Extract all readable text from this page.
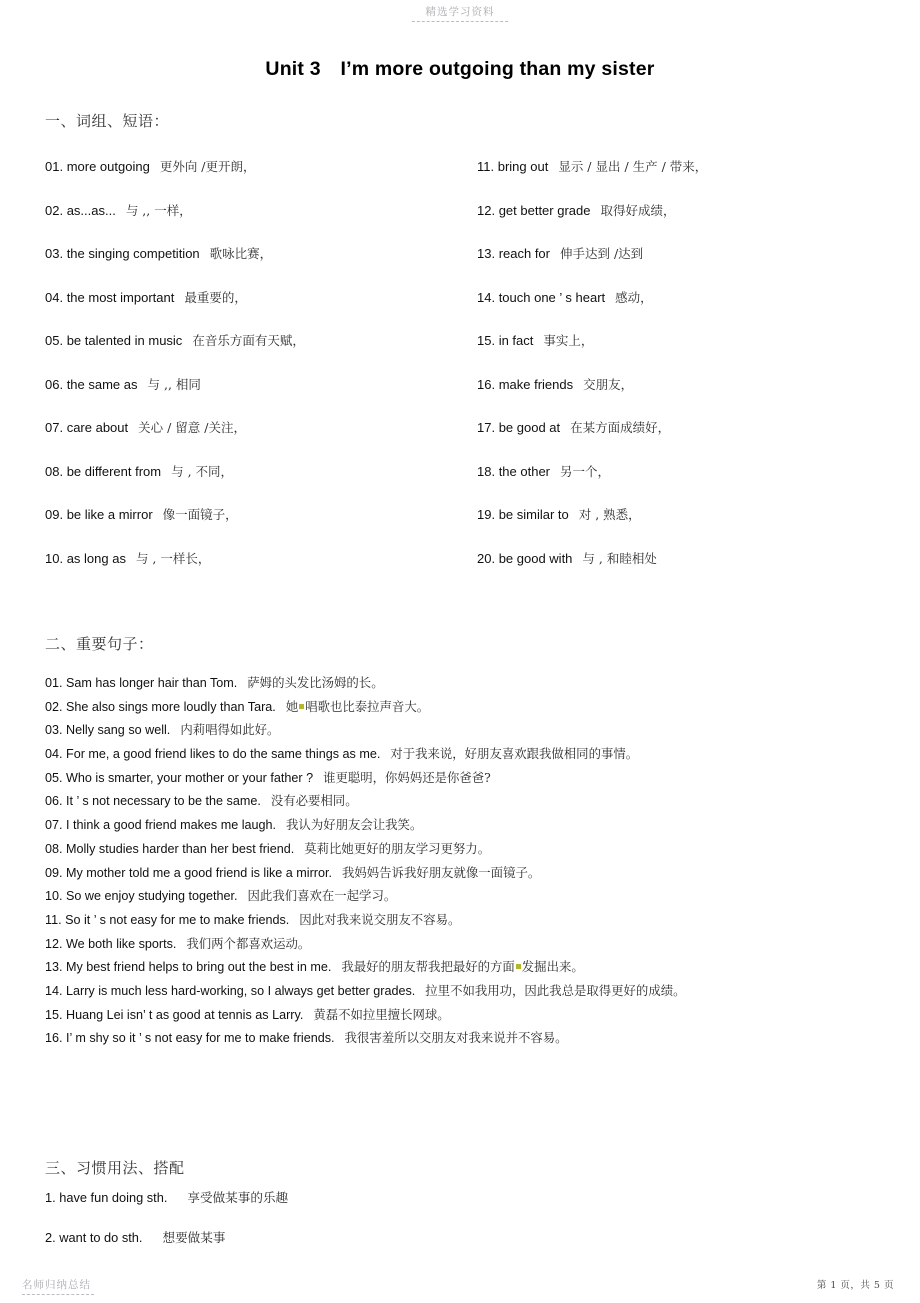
精选学习资料
Unit 3 I’m more outgoing than my sister
一、词组、短语：
01. more outgoing 更外向 /更开朗，
02. as...as... 与 ,, 一样，
03. the singing competition 歌咏比赛，
04. the most important 最重要的，
05. be talented in music 在音乐方面有天赋，
06. the same as 与 ,, 相同
07. care about 关心 / 留意 /关注，
08. be different from 与 , 不同，
09. be like a mirror 像一面镜子，
10. as long as 与 , 一样长，
11. bring out 显示 / 显出 / 生产 / 带来，
12. get better grade 取得好成绩，
13. reach for 伸手达到 /达到
14. touch one ’ s heart 感动，
15. in fact 事实上，
16. make friends 交朋友，
17. be good at 在某方面成绩好，
18. the other 另一个，
19. be similar to 对 , 熟悉，
20. be good with 与 , 和睦相处
二、重要句子：
01. Sam has longer hair than Tom. 萨姆的头发比汤姆的长。
02. She also sings more loudly than Tara. 她 唱歌也比泰拉声音大。
03. Nelly sang so well. 内莉唱得如此好。
04. For me, a good friend likes to do the same things as me. 对于我来说，好朋友喜欢跟我做相同的事情。
05. Who is smarter, your mother or your father ? 谁更聪明，你妈妈还是你爸爸?
06. It ’ s not necessary to be the same. 没有必要相同。
07. I think a good friend makes me laugh. 我认为好朋友会让我笑。
08. Molly studies harder than her best friend. 莫莉比她更好的朋友学习更努力。
09. My mother told me a good friend is like a mirror. 我妈妈告诉我好朋友就像一面镜子。
10. So we enjoy studying together. 因此我们喜欢在一起学习。
11. So it ’ s not easy for me to make friends. 因此对我来说交朋友不容易。
12. We both like sports. 我们两个都喜欢运动。
13. My best friend helps to bring out the best in me. 我最好的朋友帮我把最好的方面 发掘出来。
14. Larry is much less hard-working, so I always get better grades. 拉里不如我用功，因此我总是取得更好的成绩。
15. Huang Lei isn’ t as good at tennis as Larry. 黄磊不如拉里擅长网球。
16. I’ m shy so it ’ s not easy for me to make friends. 我很害羞所以交朋友对我来说并不容易。
三、习惯用法、搭配
1. have fun doing sth. 享受做某事的乐趣
2. want to do sth. 想要做某事
名师归纳总结	第 1 页，共 5 页
